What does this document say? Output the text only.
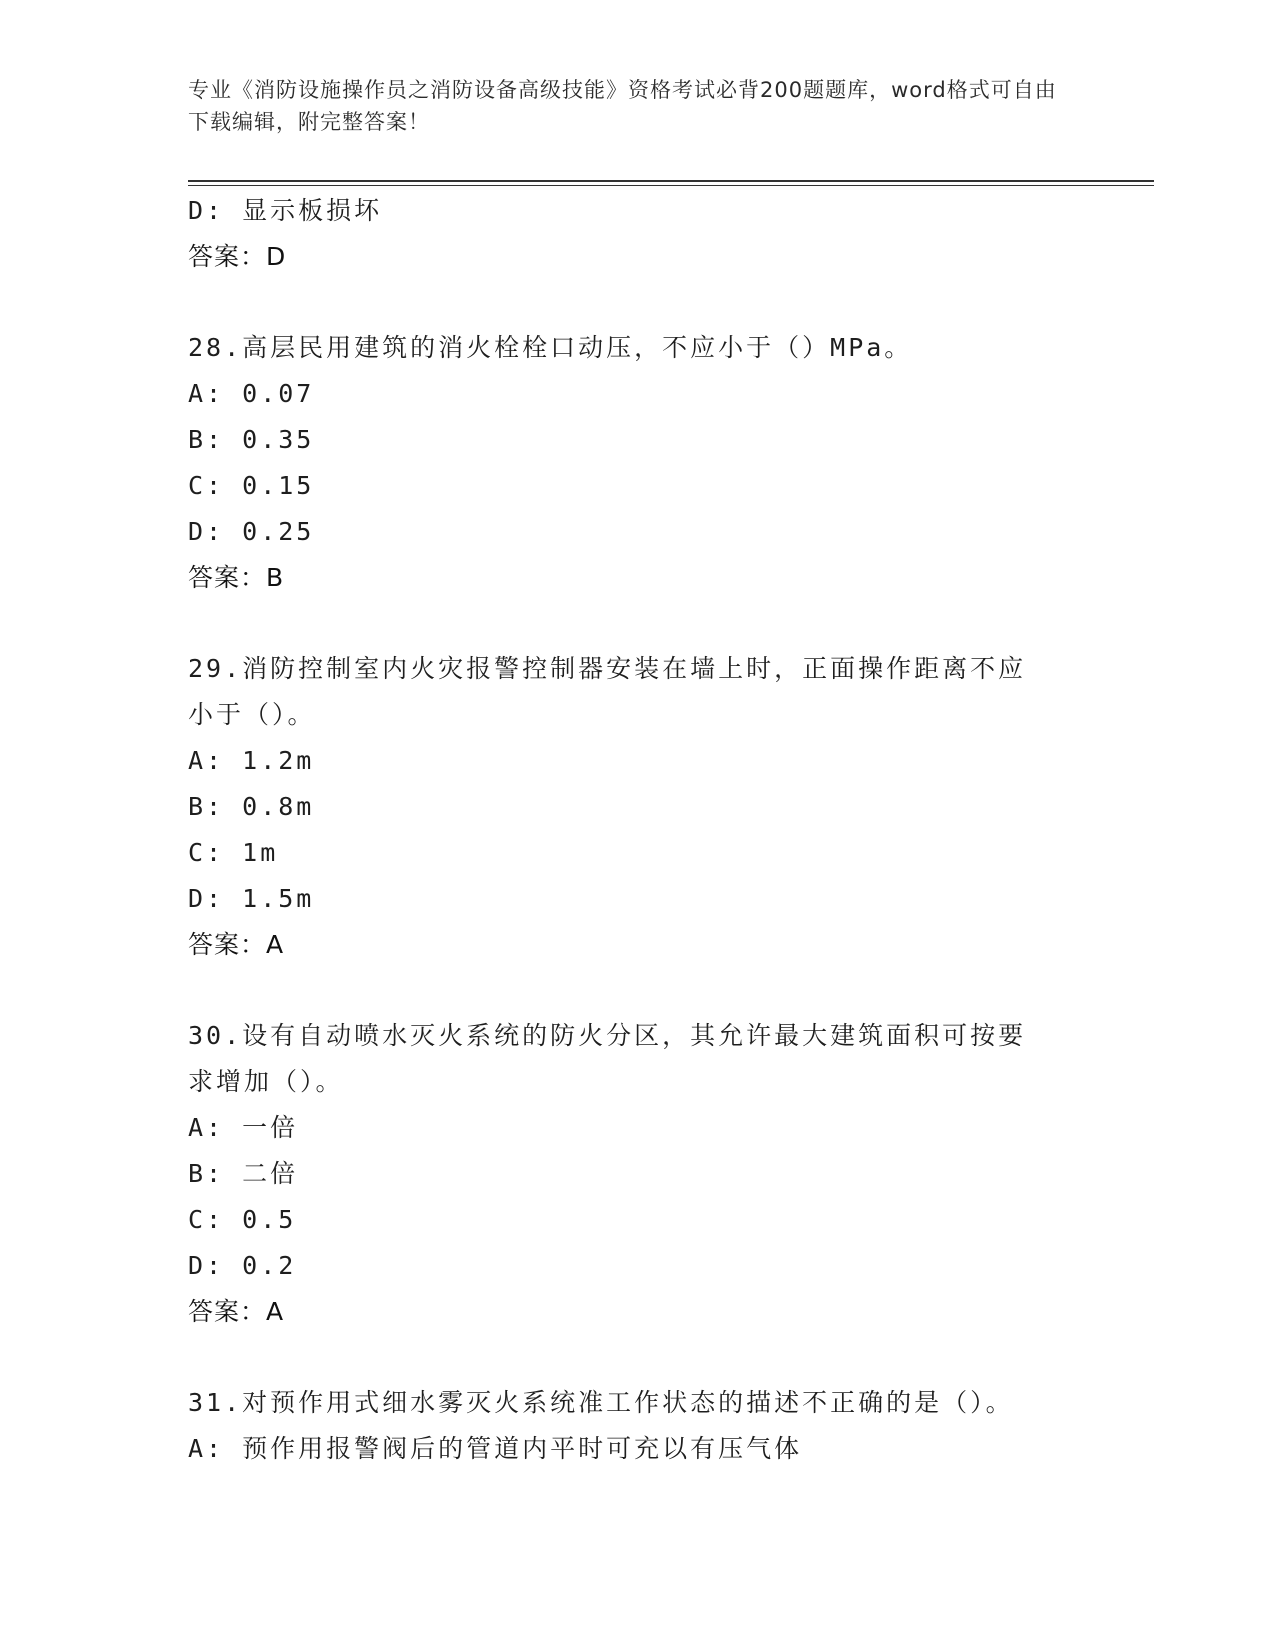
专业《消防设施操作员之消防设备高级技能》资格考试必背200题题库，word格式可自由下载编辑，附完整答案！
D: 显示板损坏
答案：D
28.高层民用建筑的消火栓栓口动压，不应小于（）MPa。
A: 0.07
B: 0.35
C: 0.15
D: 0.25
答案：B
29.消防控制室内火灾报警控制器安装在墙上时，正面操作距离不应小于（）。
A: 1.2m
B: 0.8m
C: 1m
D: 1.5m
答案：A
30.设有自动喷水灭火系统的防火分区，其允许最大建筑面积可按要求增加（）。
A: 一倍
B: 二倍
C: 0.5
D: 0.2
答案：A
31.对预作用式细水雾灭火系统准工作状态的描述不正确的是（）。
A: 预作用报警阀后的管道内平时可充以有压气体
